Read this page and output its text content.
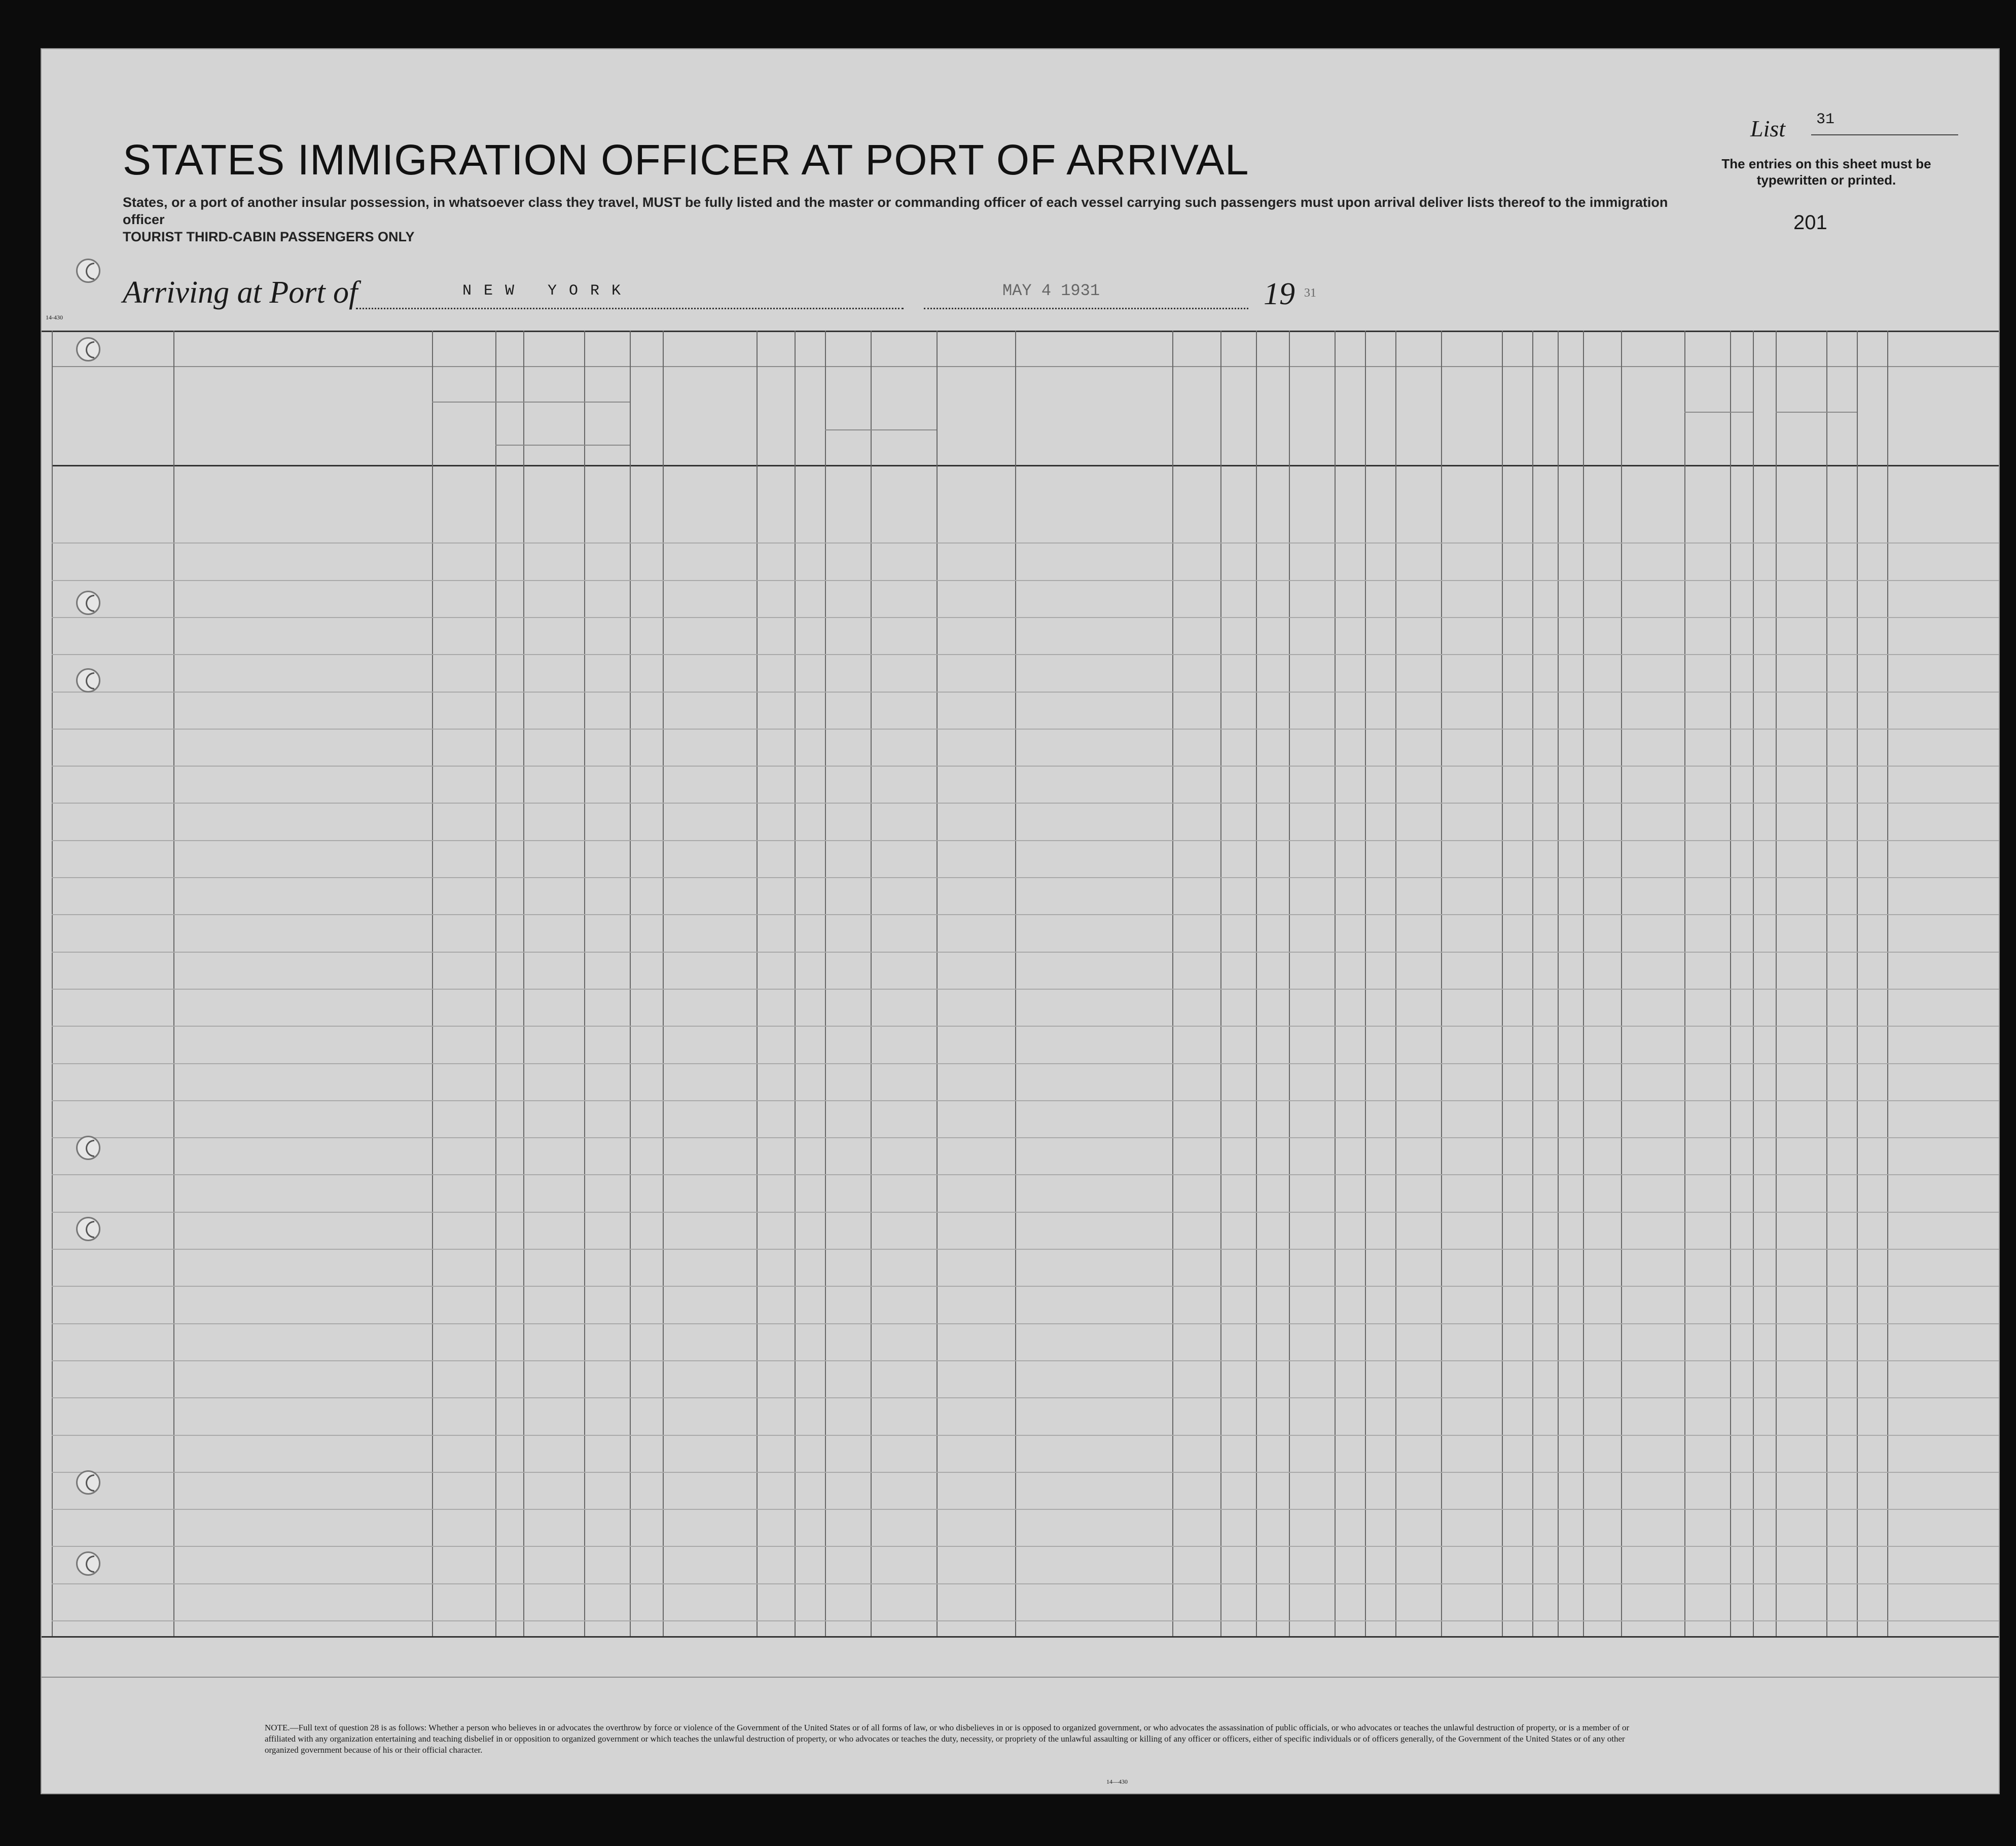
STATES IMMIGRATION OFFICER AT PORT OF ARRIVAL
States, or a port of another insular possession, in whatsoever class they travel, MUST be fully listed and the master or commanding officer of each vessel carrying such passengers must upon arrival deliver lists thereof to the immigration officer
TOURIST THIRD-CABIN PASSENGERS ONLY
List 31
The entries on this sheet must be typewritten or printed.
201
Arriving at Port of	NEW YORK	MAY 4 1931	19 31
14-430
NOTE.—Full text of question 28 is as follows: Whether a person who believes in or advocates the overthrow by force or violence of the Government of the United States or of all forms of law, or who disbelieves in or is opposed to organized government, or who advocates the assassination of public officials, or who advocates or teaches the unlawful destruction of property, or is a member of or affiliated with any organization entertaining and teaching disbelief in or opposition to organized government or which teaches the unlawful destruction of property, or who advocates or teaches the duty, necessity, or propriety of the unlawful assaulting or killing of any officer or officers, either of specific individuals or of officers generally, of the Government of the United States or of any other organized government because of his or their official character.
14—430
